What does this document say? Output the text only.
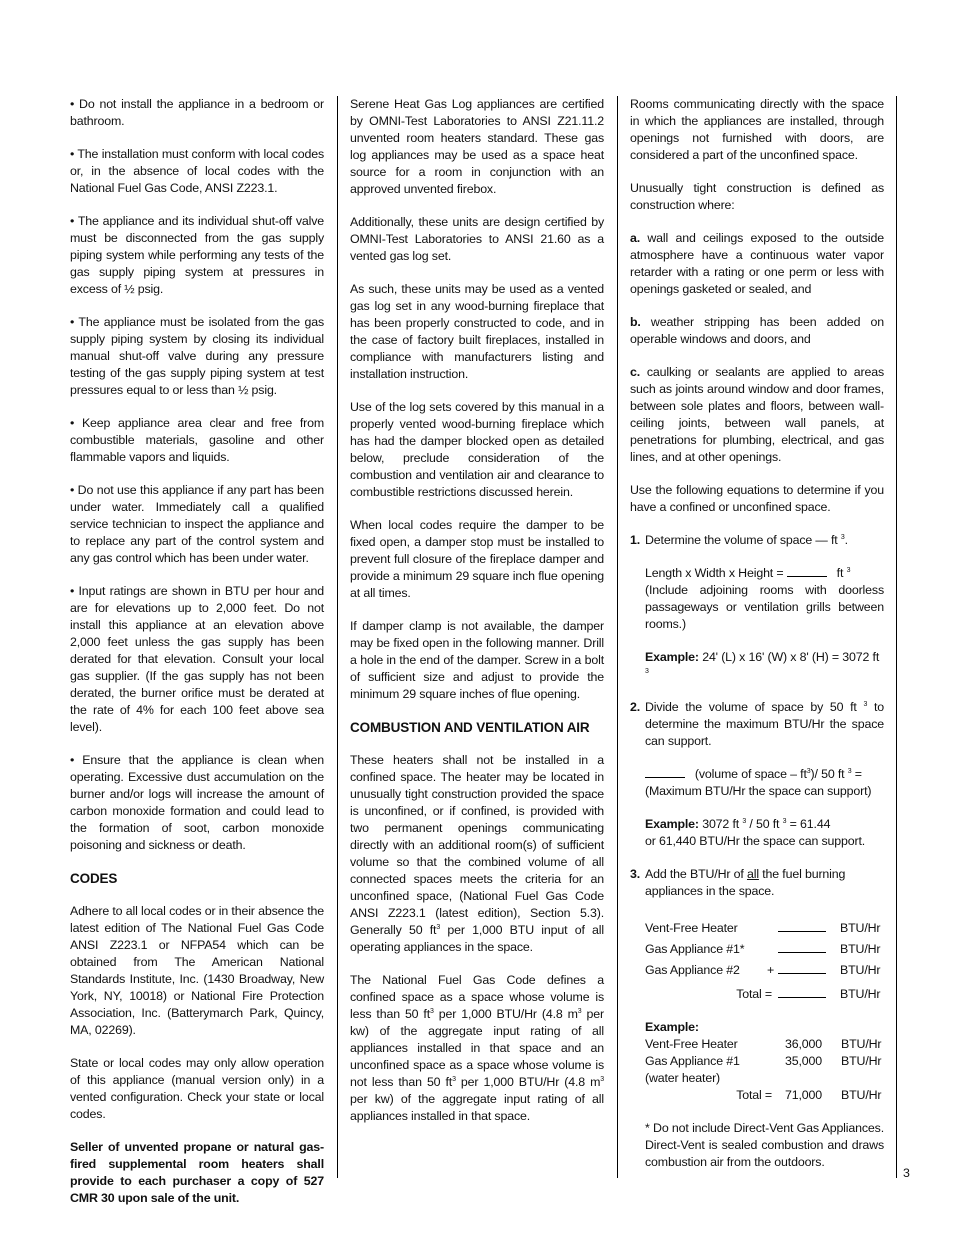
• Do not install the appliance in a bedroom or bathroom.

• The installation must conform with local codes or, in the absence of local codes with the National Fuel Gas Code, ANSI Z223.1.

• The appliance and its individual shut-off valve must be disconnected from the gas supply piping system while performing any tests of the gas supply piping system at pressures in excess of ½ psig.

• The appliance must be isolated from the gas supply piping system by closing its individual manual shut-off valve during any pressure testing of the gas supply piping system at test pressures equal to or less than ½ psig.

• Keep appliance area clear and free from combustible materials, gasoline and other flammable vapors and liquids.

• Do not use this appliance if any part has been under water. Immediately call a qualified service technician to inspect the appliance and to replace any part of the control system and any gas control which has been under water.

• Input ratings are shown in BTU per hour and are for elevations up to 2,000 feet. Do not install this appliance at an elevation above 2,000 feet unless the gas supply has been derated for that elevation. Consult your local gas supplier. (If the gas supply has not been derated, the burner orifice must be derated at the rate of 4% for each 100 feet above sea level).

• Ensure that the appliance is clean when operating. Excessive dust accumulation on the burner and/or logs will increase the amount of carbon monoxide formation and could lead to the formation of soot, carbon monoxide poisoning and sickness or death.

CODES

Adhere to all local codes or in their absence the latest edition of The National Fuel Gas Code ANSI Z223.1 or NFPA54 which can be obtained from The American National Standards Institute, Inc. (1430 Broadway, New York, NY, 10018) or National Fire Protection Association, Inc. (Batterymarch Park, Quincy, MA, 02269).

State or local codes may only allow operation of this appliance (manual version only) in a vented configuration. Check your state or local codes.

Seller of unvented propane or natural gas-fired supplemental room heaters shall provide to each purchaser a copy of 527 CMR 30 upon sale of the unit.

Serene Heat Gas Log appliances are certified by OMNI-Test Laboratories to ANSI Z21.11.2 unvented room heaters standard. These gas log appliances may be used as a space heat source for a room in conjunction with an approved unvented firebox.

Additionally, these units are design certified by OMNI-Test Laboratories to ANSI 21.60 as a vented gas log set.

As such, these units may be used as a vented gas log set in any wood-burning fireplace that has been properly constructed to code, and in the case of factory built fireplaces, installed in compliance with manufacturers listing and installation instruction.

Use of the log sets covered by this manual in a properly vented wood-burning fireplace which has had the damper blocked open as detailed below, preclude consideration of the combustion and ventilation air and clearance to combustible restrictions discussed herein.

When local codes require the damper to be fixed open, a damper stop must be installed to prevent full closure of the fireplace damper and provide a minimum 29 square inch flue opening at all times.

If damper clamp is not available, the damper may be fixed open in the following manner. Drill a hole in the end of the damper. Screw in a bolt of sufficient size and adjust to provide the minimum 29 square inches of flue opening.

COMBUSTION AND VENTILATION AIR

These heaters shall not be installed in a confined space. The heater may be located in unusually tight construction provided the space is unconfined, or if confined, is provided with two permanent openings communicating directly with an additional room(s) of sufficient volume so that the combined volume of all connected spaces meets the criteria for an unconfined space, (National Fuel Gas Code ANSI Z223.1 (latest edition), Section 5.3). Generally 50 $ft^3$ per 1,000 BTU input of all operating appliances in the space.

The National Fuel Gas Code defines a confined space as a space whose volume is less than 50 $ft^3$ per 1,000 BTU/Hr (4.8 $m^3$ per kw) of the aggregate input rating of all appliances installed in that space and an unconfined space as a space whose volume is not less than 50 $ft^3$ per 1,000 BTU/Hr (4.8 $m^3$ per kw) of the aggregate input rating of all appliances installed in that space.

Rooms communicating directly with the space in which the appliances are installed, through openings not furnished with doors, are considered a part of the unconfined space.

Unusually tight construction is defined as construction where:

a. wall and ceilings exposed to the outside atmosphere have a continuous water vapor retarder with a rating or one perm or less with openings gasketed or sealed, and

b. weather stripping has been added on operable windows and doors, and

c. caulking or sealants are applied to areas such as joints around window and door frames, between sole plates and floors, between wall-ceiling joints, between wall panels, at penetrations for plumbing, electrical, and gas lines, and at other openings.

Use the following equations to determine if you have a confined or unconfined space.

1. Determine the volume of space — ft $^3$.
Length x Width x Height =	ft $^3$
(Include adjoining rooms with doorless passageways or ventilation grills between rooms.)
Example: 24' (L) x 16' (W) x 8' (H) = 3072 ft $^3$
2. Divide the volume of space by 50 ft $^3$ to determine the maximum BTU/Hr the space can support.
(volume of space – $ft^3)/$ 50 ft $^3$ = (Maximum BTU/Hr the space can support)
Example: 3072 ft $^3$ / 50 ft $^3$ = 61.44
or 61,440 BTU/Hr the space can support.
3. Add the BTU/Hr of all the fuel burning appliances in the space.
Vent-Free Heater			BTU/Hr
Gas Appliance #1*			BTU/Hr
Gas Appliance #2	+		BTU/Hr
Total =			BTU/Hr
Example:
Vent-Free Heater	36,000	BTU/Hr
Gas Appliance #1	35,000	BTU/Hr
(water heater)		
Total =	71,000	BTU/Hr
* Do not include Direct-Vent Gas Appliances. Direct-Vent is sealed combustion and draws combustion air from the outdoors.
3
